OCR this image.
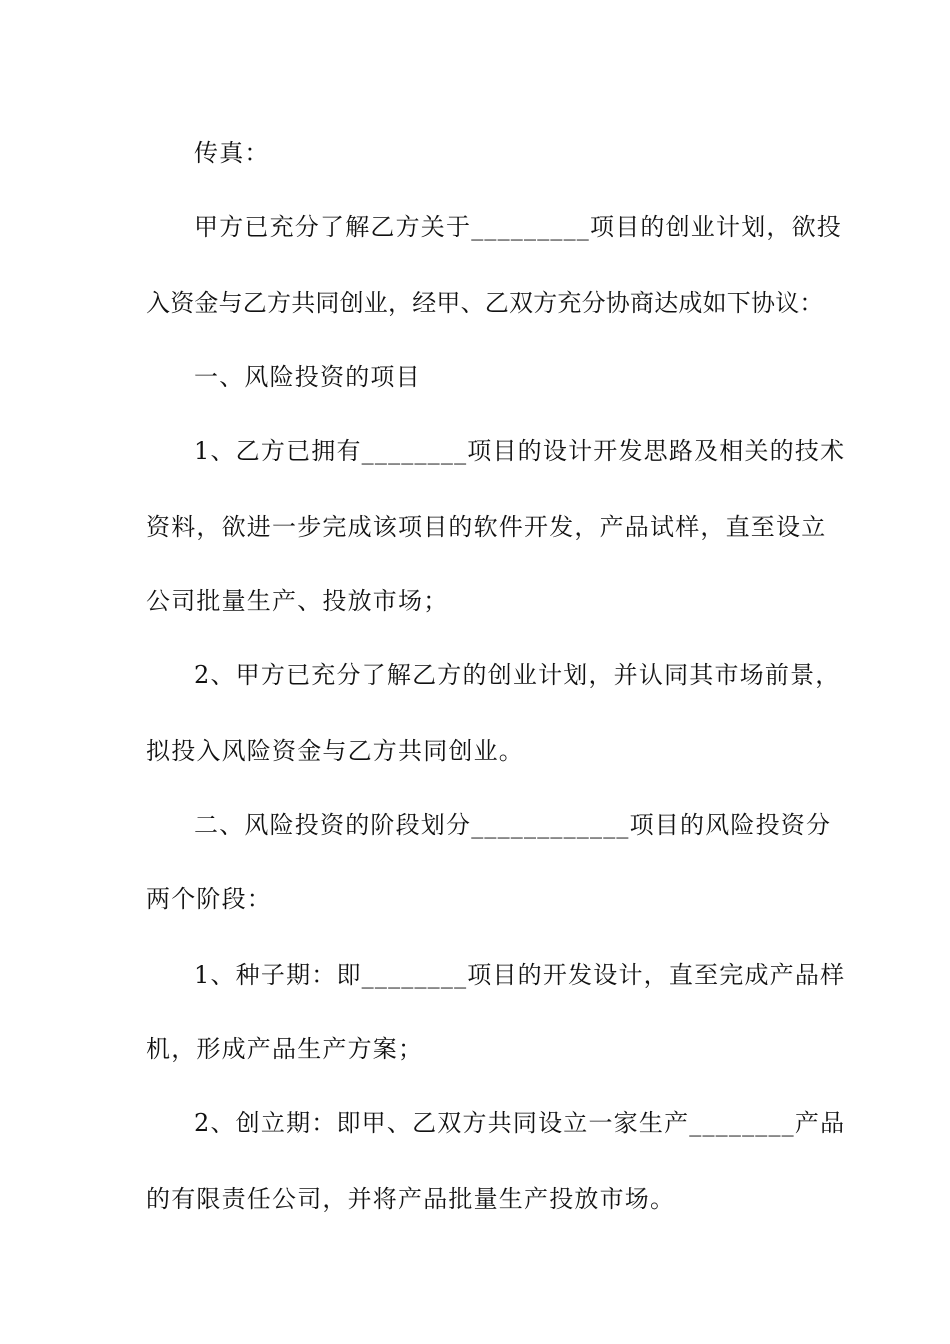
传真：
甲方已充分了解乙方关于_________项目的创业计划，欲投
入资金与乙方共同创业，经甲、乙双方充分协商达成如下协议：
一、风险投资的项目
1、乙方已拥有________项目的设计开发思路及相关的技术
资料，欲进一步完成该项目的软件开发，产品试样，直至设立
公司批量生产、投放市场；
2、甲方已充分了解乙方的创业计划，并认同其市场前景，
拟投入风险资金与乙方共同创业。
二、风险投资的阶段划分____________项目的风险投资分
两个阶段：
1、种子期：即________项目的开发设计，直至完成产品样
机，形成产品生产方案；
2、创立期：即甲、乙双方共同设立一家生产________产品
的有限责任公司，并将产品批量生产投放市场。
